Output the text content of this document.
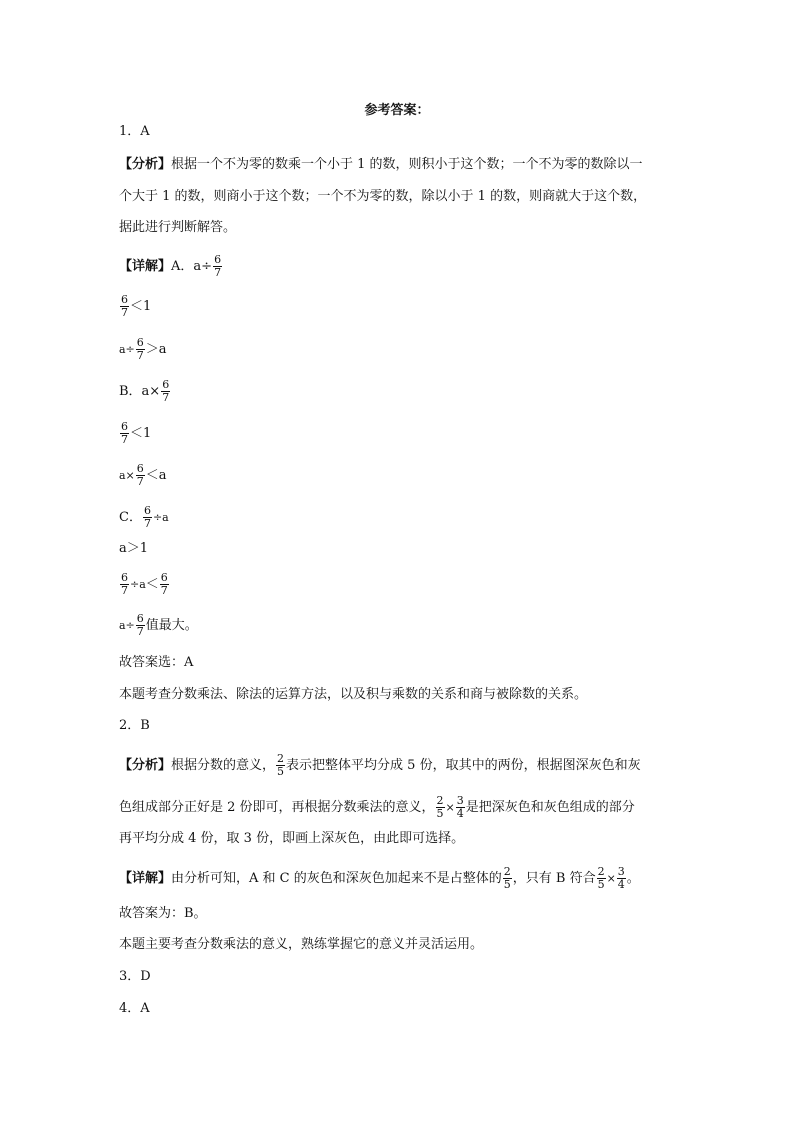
参考答案：
1．A
【分析】根据一个不为零的数乘一个小于 1 的数，则积小于这个数；一个不为零的数除以一
个大于 1 的数，则商小于这个数；一个不为零的数，除以小于 1 的数，则商就大于这个数，
据此进行判断解答。
【详解】A．$a\div \frac{6}{7}$
$\frac{6}{7} <1$
$a\div \frac{6}{7} >a$
B．$a\times \frac{6}{7}$
$\frac{6}{7} <1$
$a\times \frac{6}{7} <a$
C． $\frac{6}{7} \div a$
a＞1
$\frac{6}{7} \div a< \frac{6}{7}$
$a\div \frac{6}{7}$ 值最大。
故答案选：A
本题考查分数乘法、除法的运算方法，以及积与乘数的关系和商与被除数的关系。
2．B
【分析】根据分数的意义， $\frac{2}{5}$ 表示把整体平均分成 5 份，取其中的两份，根据图深灰色和灰
色组成部分正好是 2 份即可，再根据分数乘法的意义， $\frac{2}{5} \times \frac{3}{4}$ 是把深灰色和灰色组成的部分
再平均分成 4 份，取 3 份，即画上深灰色，由此即可选择。
【详解】由分析可知，A 和 C 的灰色和深灰色加起来不是占整体的 $\frac{2}{5}$ ，只有 B 符合 $\frac{2}{5} \times \frac{3}{4}$ 。
故答案为：B。
本题主要考查分数乘法的意义，熟练掌握它的意义并灵活运用。
3．D
4．A
